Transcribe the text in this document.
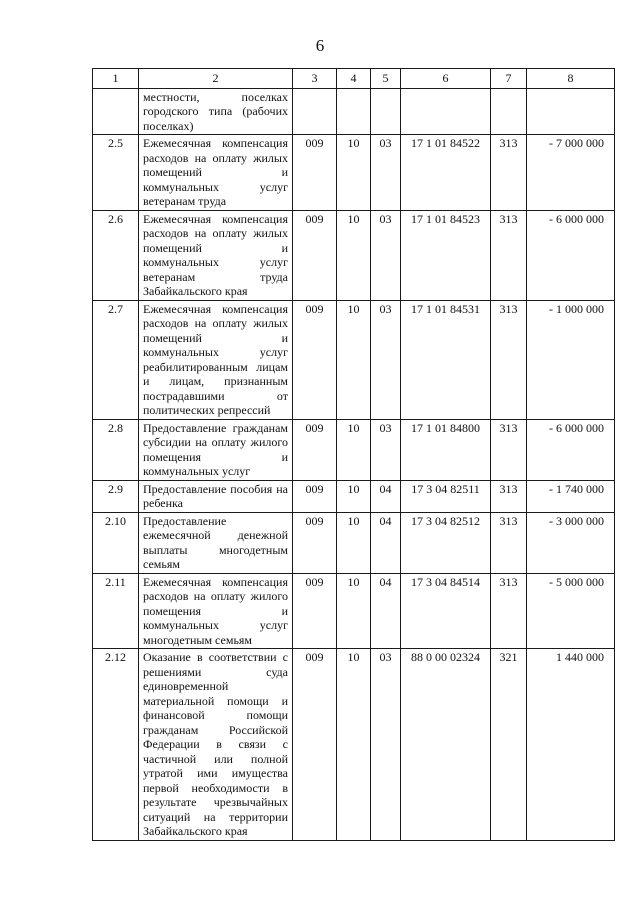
6
1	2	3	4	5	6	7	8
	местности, поселках городского типа (рабочих поселках)						
2.5	Ежемесячная компенсация расходов на оплату жилых помещений и коммунальных услуг ветеранам труда	009	10	03	17 1 01 84522	313	- 7 000 000
2.6	Ежемесячная компенсация расходов на оплату жилых помещений и коммунальных услуг ветеранам труда Забайкальского края	009	10	03	17 1 01 84523	313	- 6 000 000
2.7	Ежемесячная компенсация расходов на оплату жилых помещений и коммунальных услуг реабилитированным лицам и лицам, признанным пострадавшими от политических репрессий	009	10	03	17 1 01 84531	313	- 1 000 000
2.8	Предоставление гражданам субсидии на оплату жилого помещения и коммунальных услуг	009	10	03	17 1 01 84800	313	- 6 000 000
2.9	Предоставление пособия на ребенка	009	10	04	17 3 04 82511	313	- 1 740 000
2.10	Предоставление ежемесячной денежной выплаты многодетным семьям	009	10	04	17 3 04 82512	313	- 3 000 000
2.11	Ежемесячная компенсация расходов на оплату жилого помещения и коммунальных услуг многодетным семьям	009	10	04	17 3 04 84514	313	- 5 000 000
2.12	Оказание в соответствии с решениями суда единовременной материальной помощи и финансовой помощи гражданам Российской Федерации в связи с частичной или полной утратой ими имущества первой необходимости в результате чрезвычайных ситуаций на территории Забайкальского края	009	10	03	88 0 00 02324	321	1 440 000
